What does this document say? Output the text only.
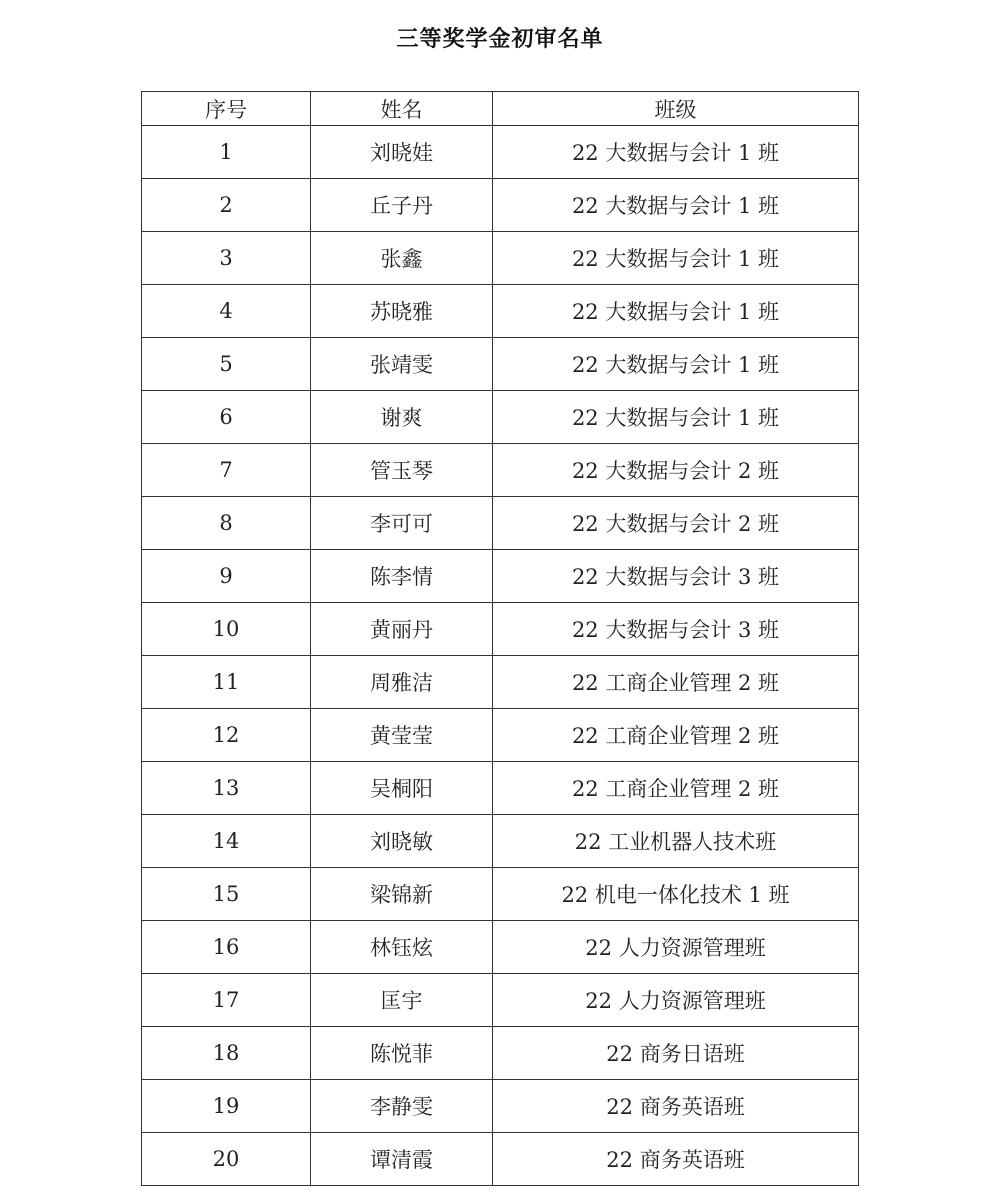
三等奖学金初审名单
序号	姓名	班级
1	刘晓娃	22 大数据与会计 1 班
2	丘子丹	22 大数据与会计 1 班
3	张鑫	22 大数据与会计 1 班
4	苏晓雅	22 大数据与会计 1 班
5	张靖雯	22 大数据与会计 1 班
6	谢爽	22 大数据与会计 1 班
7	管玉琴	22 大数据与会计 2 班
8	李可可	22 大数据与会计 2 班
9	陈李情	22 大数据与会计 3 班
10	黄丽丹	22 大数据与会计 3 班
11	周雅洁	22 工商企业管理 2 班
12	黄莹莹	22 工商企业管理 2 班
13	吴桐阳	22 工商企业管理 2 班
14	刘晓敏	22 工业机器人技术班
15	梁锦新	22 机电一体化技术 1 班
16	林钰炫	22 人力资源管理班
17	匡宇	22 人力资源管理班
18	陈悦菲	22 商务日语班
19	李静雯	22 商务英语班
20	谭清霞	22 商务英语班
